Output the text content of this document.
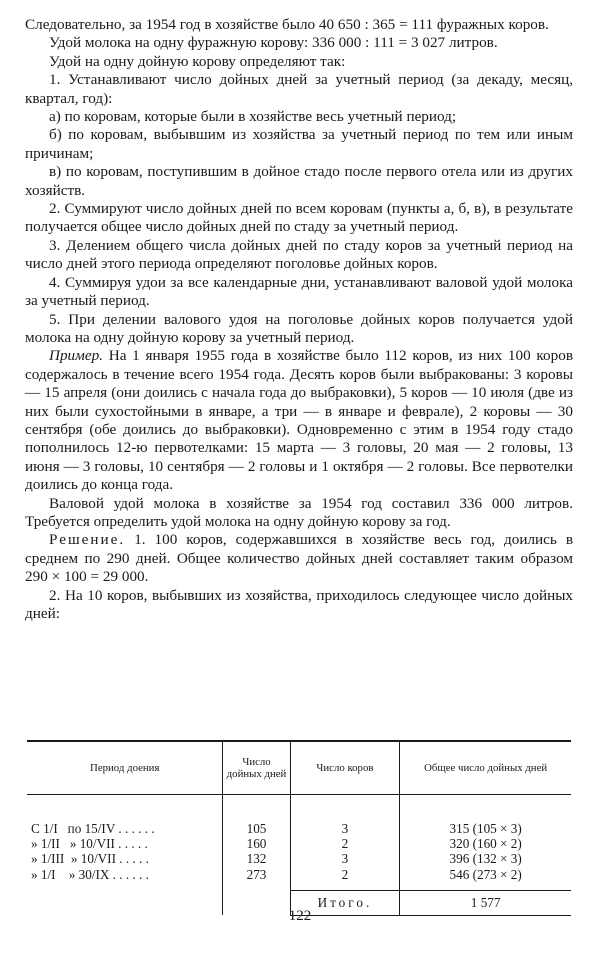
Следовательно, за 1954 год в хозяйстве было 40 650 : 365 = 111 фуражных коров.

Удой молока на одну фуражную корову: 336 000 : 111 = 3 027 литров.

Удой на одну дойную корову определяют так:

1. Устанавливают число дойных дней за учетный период (за декаду, месяц, квартал, год):

а) по коровам, которые были в хозяйстве весь учетный период;

б) по коровам, выбывшим из хозяйства за учетный период по тем или иным причинам;

в) по коровам, поступившим в дойное стадо после первого отела или из других хозяйств.

2. Суммируют число дойных дней по всем коровам (пункты а, б, в), в результате получается общее число дойных дней по стаду за учетный период.

3. Делением общего числа дойных дней по стаду коров за учетный период на число дней этого периода определяют поголовье дойных коров.

4. Суммируя удои за все календарные дни, устанавливают валовой удой молока за учетный период.

5. При делении валового удоя на поголовье дойных коров получается удой молока на одну дойную корову за учетный период.

Пример. На 1 января 1955 года в хозяйстве было 112 коров, из них 100 коров содержалось в течение всего 1954 года. Десять коров были выбракованы: 3 коровы — 15 апреля (они доились с начала года до выбраковки), 5 коров — 10 июля (две из них были сухостойными в январе, а три — в январе и феврале), 2 коровы — 30 сентября (обе доились до выбраковки). Одновременно с этим в 1954 году стадо пополнилось 12-ю первотелками: 15 марта — 3 головы, 20 мая — 2 головы, 13 июня — 3 головы, 10 сентября — 2 головы и 1 октября — 2 головы. Все первотелки доились до конца года.

Валовой удой молока в хозяйстве за 1954 год составил 336 000 литров. Требуется определить удой молока на одну дойную корову за год.

Решение. 1. 100 коров, содержавшихся в хозяйстве весь год, доились в среднем по 290 дней. Общее количество дойных дней составляет таким образом 290 × 100 = 29 000.

2. На 10 коров, выбывших из хозяйства, приходилось следующее число дойных дней:

Период доения	Число дойных дней	Число коров	Общее число дойных дней

С 1/I   по 15/IV . . . . . .	105	3	315 (105 × 3)
» 1/II   » 10/VII . . . . .	160	2	320 (160 × 2)
» 1/III  » 10/VII . . . . .	132	3	396 (132 × 3)
» 1/I    » 30/IX . . . . . .	273	2	546 (273 × 2)
		Итого.	1 577
122
